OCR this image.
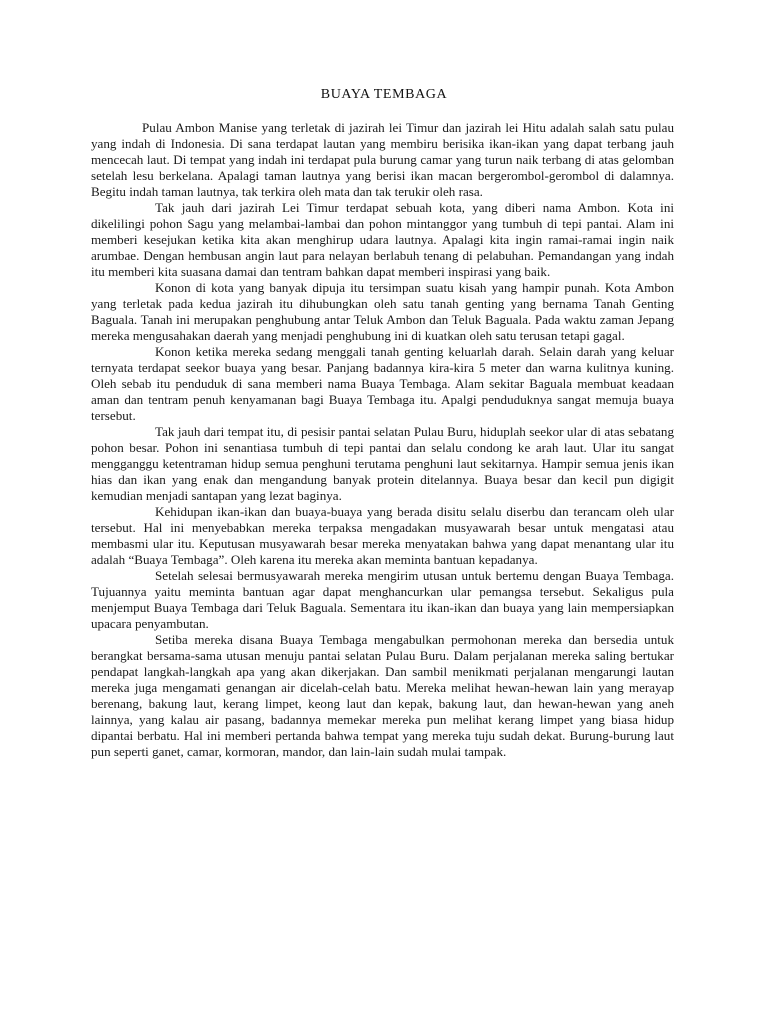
BUAYA TEMBAGA

Pulau Ambon Manise yang terletak di jazirah lei Timur dan jazirah lei Hitu adalah salah satu pulau yang indah di Indonesia. Di sana terdapat lautan yang membiru berisika ikan-ikan yang dapat terbang jauh mencecah laut. Di tempat yang indah ini terdapat pula burung camar yang turun naik terbang di atas gelomban setelah lesu berkelana. Apalagi taman lautnya yang berisi ikan macan bergerombol-gerombol di dalamnya. Begitu indah taman lautnya, tak terkira oleh mata dan tak terukir oleh rasa.

Tak jauh dari jazirah Lei Timur terdapat sebuah kota, yang diberi nama Ambon. Kota ini dikelilingi pohon Sagu yang melambai-lambai dan pohon mintanggor yang tumbuh di tepi pantai. Alam ini memberi kesejukan ketika kita akan menghirup udara lautnya. Apalagi kita ingin ramai-ramai ingin naik arumbae. Dengan hembusan angin laut para nelayan berlabuh tenang di pelabuhan. Pemandangan yang indah itu memberi kita suasana damai dan tentram bahkan dapat memberi inspirasi yang baik.

Konon di kota yang banyak dipuja itu tersimpan suatu kisah yang hampir punah. Kota Ambon yang terletak pada kedua jazirah itu dihubungkan oleh satu tanah genting yang bernama Tanah Genting Baguala. Tanah ini merupakan penghubung antar Teluk Ambon dan Teluk Baguala. Pada waktu zaman Jepang mereka mengusahakan daerah yang menjadi penghubung ini di kuatkan oleh satu terusan tetapi gagal.

Konon ketika mereka sedang menggali tanah genting keluarlah darah. Selain darah yang keluar ternyata terdapat seekor buaya yang besar. Panjang badannya kira-kira 5 meter dan warna kulitnya kuning. Oleh sebab itu penduduk di sana memberi nama Buaya Tembaga. Alam sekitar Baguala membuat keadaan aman dan tentram penuh kenyamanan bagi Buaya Tembaga itu. Apalgi penduduknya sangat memuja buaya tersebut.

Tak jauh dari tempat itu, di pesisir pantai selatan Pulau Buru, hiduplah seekor ular di atas sebatang pohon besar. Pohon ini senantiasa tumbuh di tepi pantai dan selalu condong ke arah laut. Ular itu sangat mengganggu ketentraman hidup semua penghuni terutama penghuni laut sekitarnya. Hampir semua jenis ikan hias dan ikan yang enak dan mengandung banyak protein ditelannya. Buaya besar dan kecil pun digigit kemudian menjadi santapan yang lezat baginya.

Kehidupan ikan-ikan dan buaya-buaya yang berada disitu selalu diserbu dan terancam oleh ular tersebut. Hal ini menyebabkan mereka terpaksa mengadakan musyawarah besar untuk mengatasi atau membasmi ular itu. Keputusan musyawarah besar mereka menyatakan bahwa yang dapat menantang ular itu adalah “Buaya Tembaga”. Oleh karena itu mereka akan meminta bantuan kepadanya.

Setelah selesai bermusyawarah mereka mengirim utusan untuk bertemu dengan Buaya Tembaga. Tujuannya yaitu meminta bantuan agar dapat menghancurkan ular pemangsa tersebut. Sekaligus pula menjemput Buaya Tembaga dari Teluk Baguala. Sementara itu ikan-ikan dan buaya yang lain mempersiapkan upacara penyambutan.

Setiba mereka disana Buaya Tembaga mengabulkan permohonan mereka dan bersedia untuk berangkat bersama-sama utusan menuju pantai selatan Pulau Buru. Dalam perjalanan mereka saling bertukar pendapat langkah-langkah apa yang akan dikerjakan. Dan sambil menikmati perjalanan mengarungi lautan mereka juga mengamati genangan air dicelah-celah batu. Mereka melihat hewan-hewan lain yang merayap berenang, bakung laut, kerang limpet, keong laut dan kepak, bakung laut, dan hewan-hewan yang aneh lainnya, yang kalau air pasang, badannya memekar mereka pun melihat kerang limpet yang biasa hidup dipantai berbatu. Hal ini memberi pertanda bahwa tempat yang mereka tuju sudah dekat. Burung-burung laut pun seperti ganet, camar, kormoran, mandor, dan lain-lain sudah mulai tampak.
